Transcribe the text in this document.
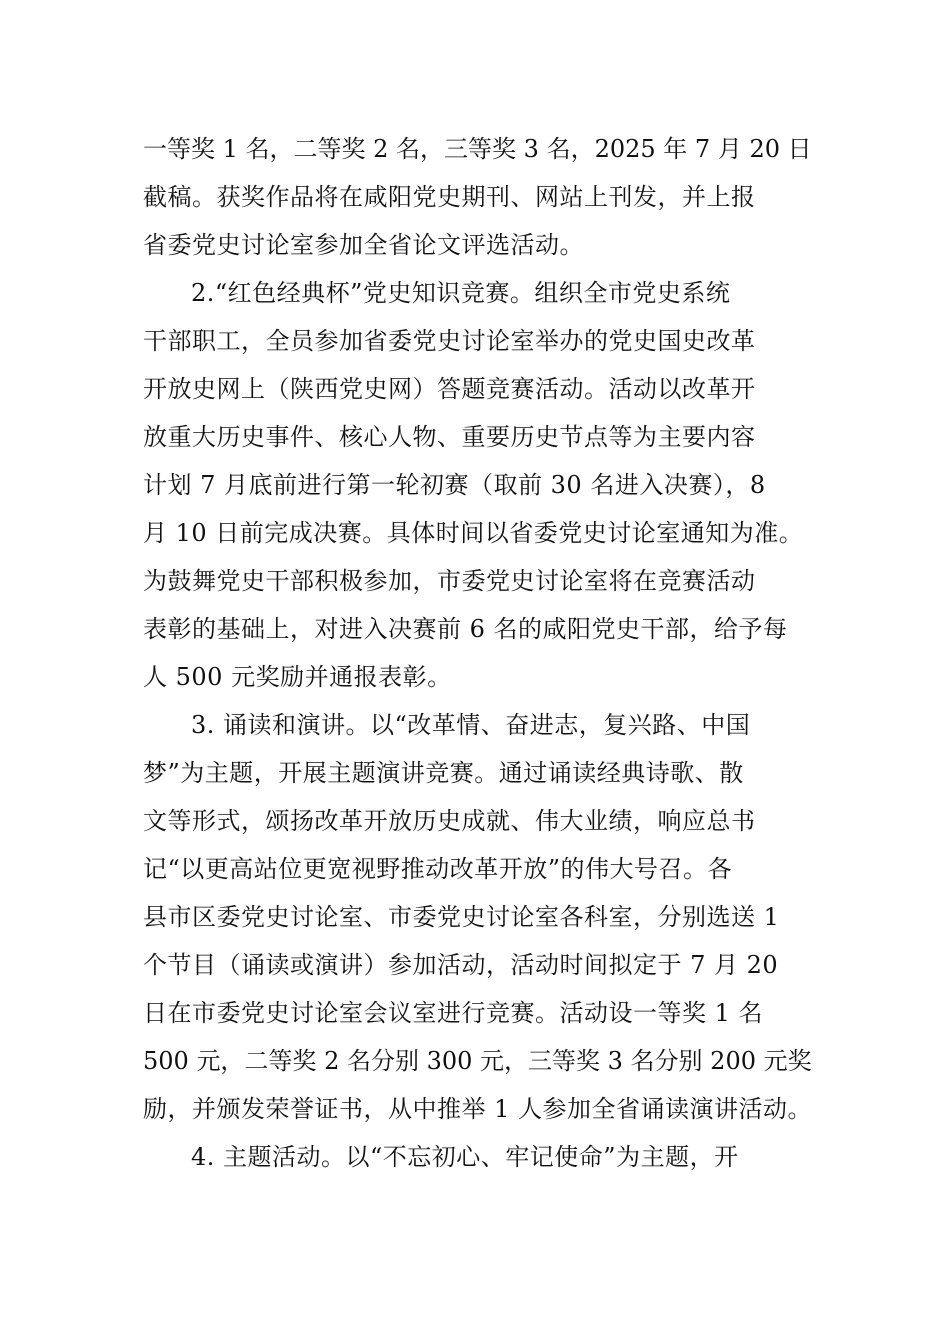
一等奖 1 名，二等奖 2 名，三等奖 3 名，2025 年 7 月 20 日
截稿。获奖作品将在咸阳党史期刊、网站上刊发，并上报
省委党史讨论室参加全省论文评选活动。
2.“红色经典杯”党史知识竞赛。组织全市党史系统
干部职工，全员参加省委党史讨论室举办的党史国史改革
开放史网上（陕西党史网）答题竞赛活动。活动以改革开
放重大历史事件、核心人物、重要历史节点等为主要内容
计划 7 月底前进行第一轮初赛（取前 30 名进入决赛），8
月 10 日前完成决赛。具体时间以省委党史讨论室通知为准。
为鼓舞党史干部积极参加，市委党史讨论室将在竞赛活动
表彰的基础上，对进入决赛前 6 名的咸阳党史干部，给予每
人 500 元奖励并通报表彰。
3. 诵读和演讲。以“改革情、奋进志，复兴路、中国
梦”为主题，开展主题演讲竞赛。通过诵读经典诗歌、散
文等形式，颂扬改革开放历史成就、伟大业绩，响应总书
记“以更高站位更宽视野推动改革开放”的伟大号召。各
县市区委党史讨论室、市委党史讨论室各科室，分别选送 1
个节目（诵读或演讲）参加活动，活动时间拟定于 7 月 20
日在市委党史讨论室会议室进行竞赛。活动设一等奖 1 名
500 元，二等奖 2 名分别 300 元，三等奖 3 名分别 200 元奖
励，并颁发荣誉证书，从中推举 1 人参加全省诵读演讲活动。
4. 主题活动。以“不忘初心、牢记使命”为主题，开
